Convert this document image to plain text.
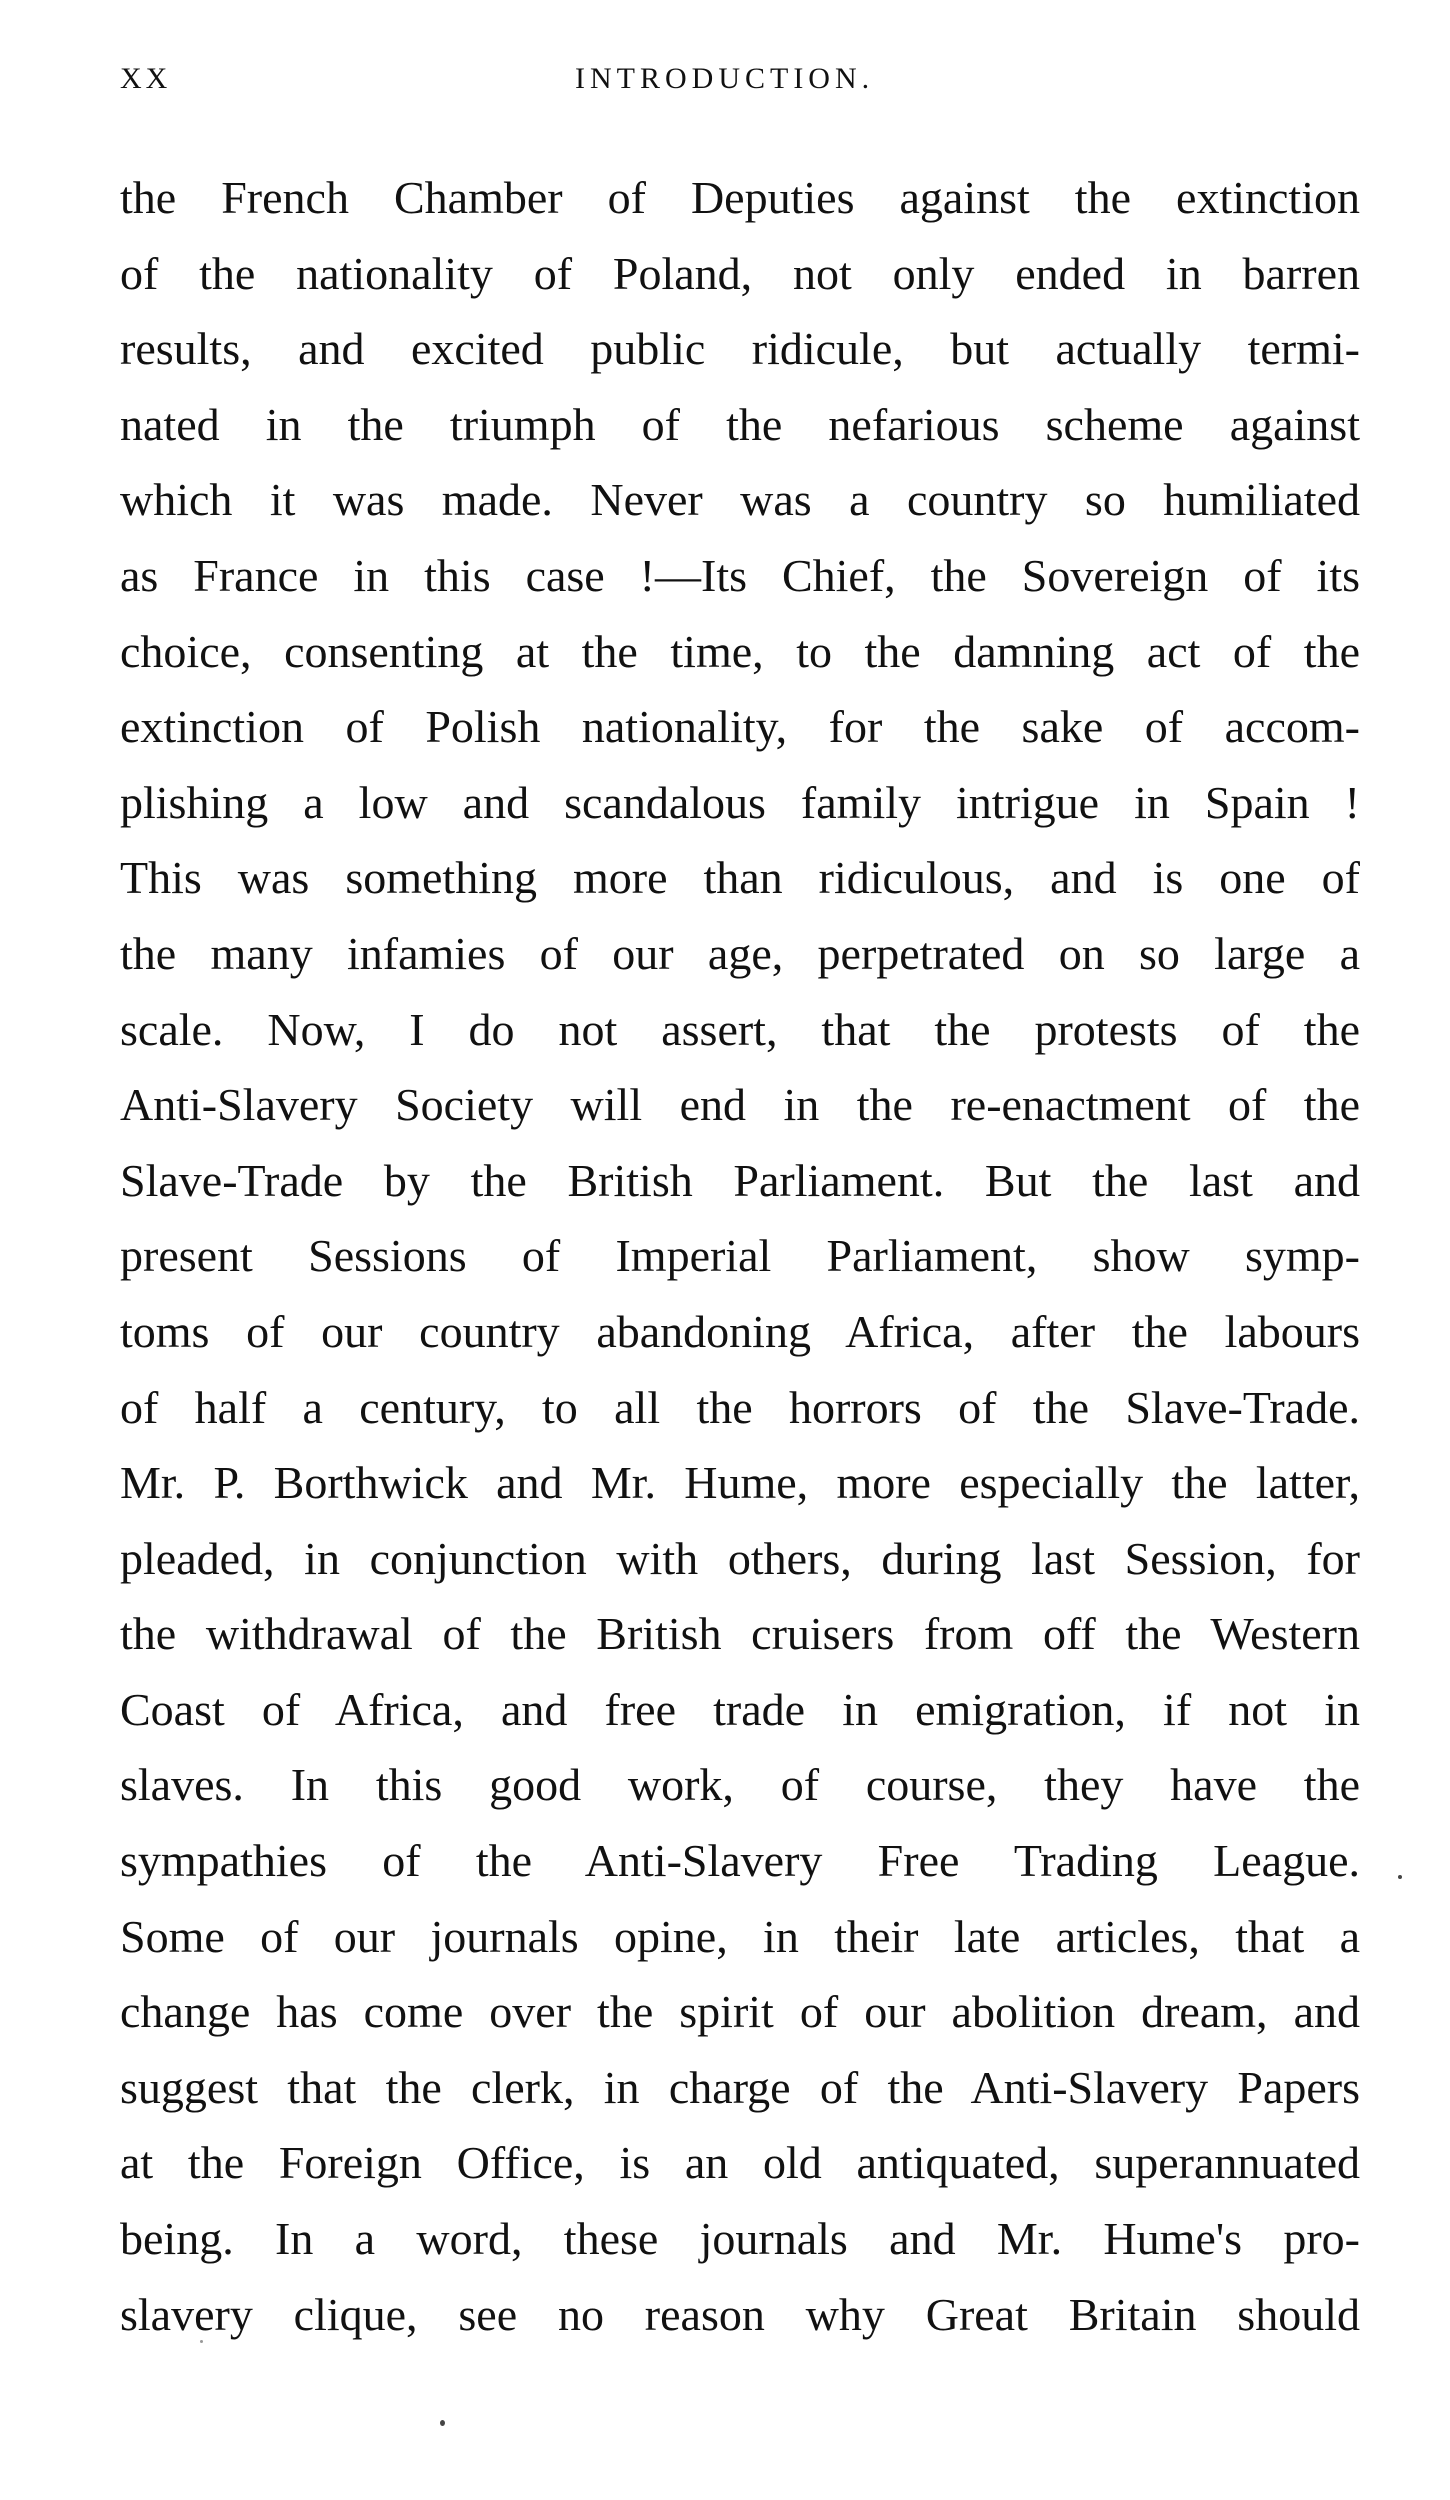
XX	INTRODUCTION.
the French Chamber of Deputies against the extinction
of the nationality of Poland, not only ended in barren
results, and excited public ridicule, but actually termi-
nated in the triumph of the nefarious scheme against
which it was made. Never was a country so humiliated
as France in this case !—Its Chief, the Sovereign of its
choice, consenting at the time, to the damning act of the
extinction of Polish nationality, for the sake of accom-
plishing a low and scandalous family intrigue in Spain !
This was something more than ridiculous, and is one of
the many infamies of our age, perpetrated on so large a
scale. Now, I do not assert, that the protests of the
Anti-Slavery Society will end in the re-enactment of the
Slave-Trade by the British Parliament. But the last and
present Sessions of Imperial Parliament, show symp-
toms of our country abandoning Africa, after the labours
of half a century, to all the horrors of the Slave-Trade.
Mr. P. Borthwick and Mr. Hume, more especially the latter,
pleaded, in conjunction with others, during last Session, for
the withdrawal of the British cruisers from off the Western
Coast of Africa, and free trade in emigration, if not in
slaves. In this good work, of course, they have the
sympathies of the Anti-Slavery Free Trading League.
Some of our journals opine, in their late articles, that a
change has come over the spirit of our abolition dream, and
suggest that the clerk, in charge of the Anti-Slavery Papers
at the Foreign Office, is an old antiquated, superannuated
being. In a word, these journals and Mr. Hume's pro-
slavery clique, see no reason why Great Britain should
